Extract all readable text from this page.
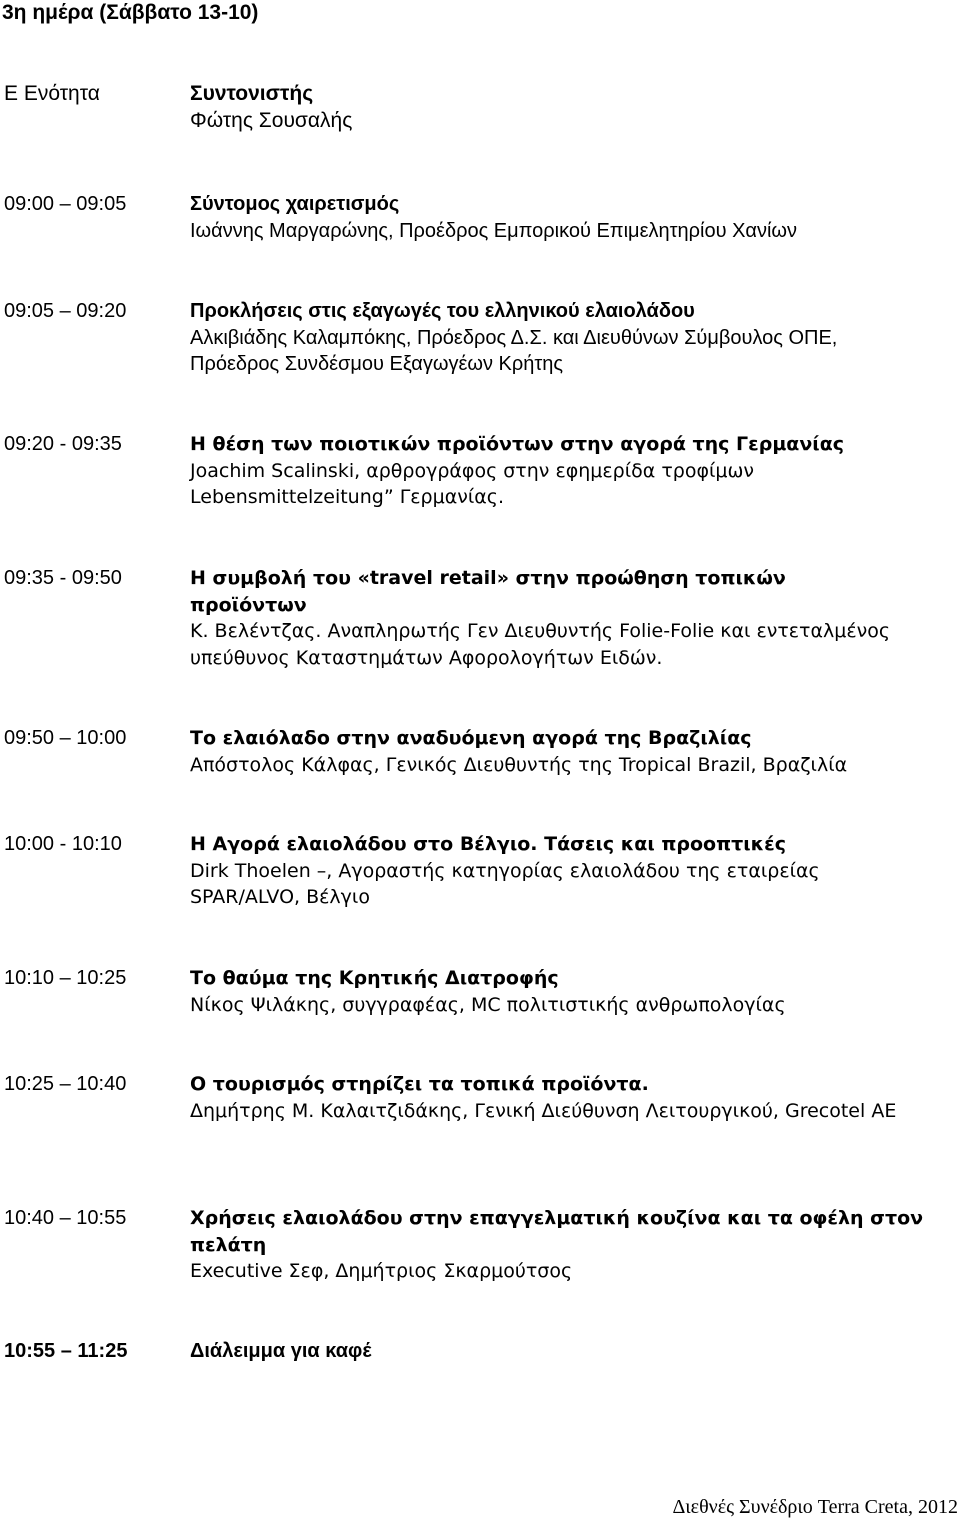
3η ημέρα (Σάββατο 13-10)
Ε Ενότητα	Συντονιστής
Φώτης Σουσαλής
09:00 – 09:05	Σύντομος χαιρετισμός
Ιωάννης Μαργαρώνης, Προέδρος Εμπορικού Επιμελητηρίου Χανίων
09:05 – 09:20	Προκλήσεις στις εξαγωγές του ελληνικού ελαιολάδου
Αλκιβιάδης Καλαμπόκης, Πρόεδρος Δ.Σ. και Διευθύνων Σύμβουλος ΟΠΕ, Πρόεδρος Συνδέσμου Εξαγωγέων Κρήτης
09:20 - 09:35	Η θέση των ποιοτικών προϊόντων στην αγορά της Γερμανίας
Joachim Scalinski, αρθρογράφος στην εφημερίδα τροφίμων Lebensmittelzeitung” Γερμανίας.
09:35 - 09:50	Η συμβολή του «travel retail» στην προώθηση τοπικών προϊόντων
Κ. Βελέντζας. Αναπληρωτής Γεν Διευθυντής Folie-Folie και εντεταλμένος υπεύθυνος Καταστημάτων Αφορολογήτων Ειδών.
09:50 – 10:00	Το ελαιόλαδο στην αναδυόμενη αγορά της Βραζιλίας
Απόστολος Κάλφας, Γενικός Διευθυντής της Tropical Brazil, Βραζιλία
10:00 - 10:10	Η Αγορά ελαιολάδου στο Βέλγιο. Τάσεις και προοπτικές
Dirk Thoelen –, Αγοραστής κατηγορίας ελαιολάδου της εταιρείας SPAR/ALVO, Βέλγιο
10:10 – 10:25	Το θαύμα της Κρητικής Διατροφής
Νίκος Ψιλάκης, συγγραφέας, MC πολιτιστικής ανθρωπολογίας
10:25 – 10:40	Ο τουρισμός στηρίζει τα τοπικά προϊόντα.
Δημήτρης Μ. Καλαιτζιδάκης, Γενική Διεύθυνση Λειτουργικού, Grecotel ΑΕ
10:40 – 10:55	Χρήσεις ελαιολάδου στην επαγγελματική κουζίνα και τα οφέλη στον πελάτη
Executive Σεφ, Δημήτριος Σκαρμούτσος
10:55 – 11:25	Διάλειμμα για καφέ
Διεθνές Συνέδριο Terra Creta, 2012
